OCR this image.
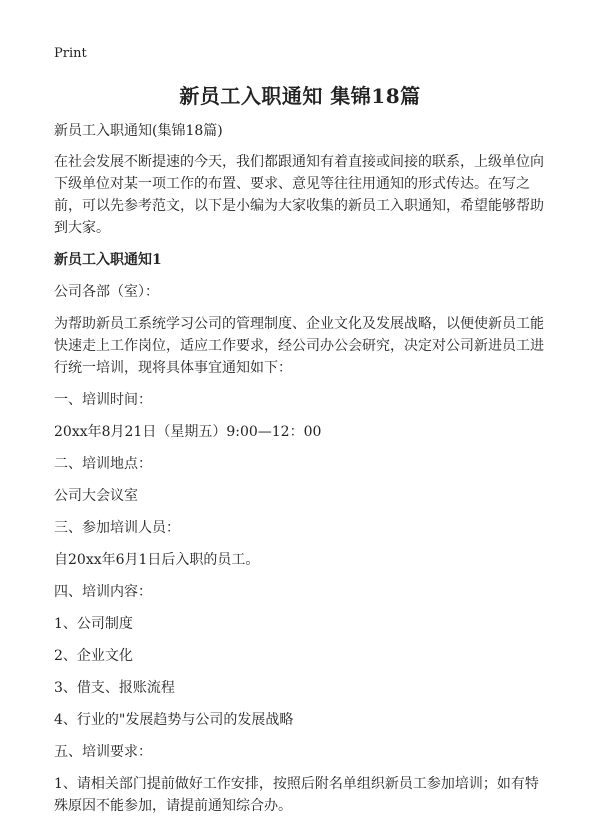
Print
新员工入职通知 集锦18篇

新员工入职通知(集锦18篇)

在社会发展不断提速的今天，我们都跟通知有着直接或间接的联系，上级单位向下级单位对某一项工作的布置、要求、意见等往往用通知的形式传达。在写之前，可以先参考范文，以下是小编为大家收集的新员工入职通知，希望能够帮助到大家。

新员工入职通知1

公司各部（室）：

为帮助新员工系统学习公司的管理制度、企业文化及发展战略，以便使新员工能快速走上工作岗位，适应工作要求，经公司办公会研究，决定对公司新进员工进行统一培训，现将具体事宜通知如下：

一、培训时间：

20xx年8月21日（星期五）9:00—12：00

二、培训地点：

公司大会议室

三、参加培训人员：

自20xx年6月1日后入职的员工。

四、培训内容：

1、公司制度

2、企业文化

3、借支、报账流程

4、行业的"发展趋势与公司的发展战略

五、培训要求：

1、请相关部门提前做好工作安排，按照后附名单组织新员工参加培训；如有特殊原因不能参加，请提前通知综合办。
